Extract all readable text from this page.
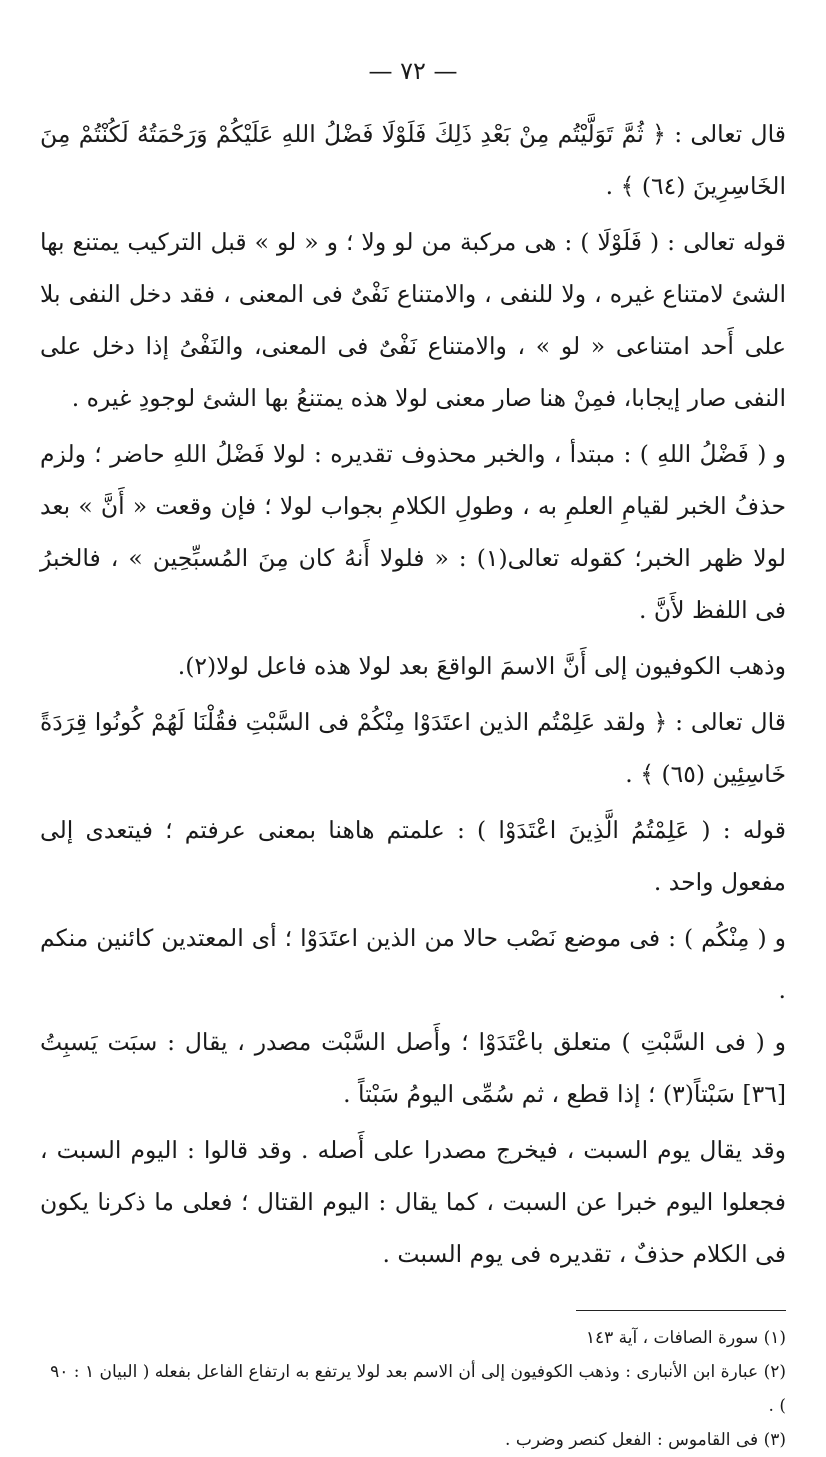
— ٧٢ —

قال تعالى : ﴿ ثُمَّ تَوَلَّيْتُم مِنْ بَعْدِ ذَلِكَ فَلَوْلَا فَضْلُ اللهِ عَلَيْكُمْ وَرَحْمَتُهُ لَكُنْتُمْ مِنَ الخَاسِرِينَ (٦٤) ﴾ .

قوله تعالى : ( فَلَوْلَا ) : هى مركبة من لو ولا ؛ و « لو » قبل التركيب يمتنع بها الشئ لامتناع غيره ، ولا للنفى ، والامتناع نَفْىٌ فى المعنى ، فقد دخل النفى بلا على أَحد امتناعى « لو » ، والامتناع نَفْىٌ فى المعنى، والنَفْىُ إذا دخل على النفى صار إيجابا، فمِنْ هنا صار معنى لولا هذه يمتنعُ بها الشئ لوجودِ غيره .

و ( فَضْلُ اللهِ ) : مبتدأ ، والخبر محذوف تقديره : لولا فَضْلُ اللهِ حاضر ؛ ولزم حذفُ الخبر لقيامِ العلمِ به ، وطولِ الكلامِ بجواب لولا ؛ فإن وقعت « أَنَّ » بعد لولا ظهر الخبر؛ كقوله تعالى(١) : « فلولا أَنهُ كان مِنَ المُسبِّحِين » ، فالخبرُ فى اللفظ لأَنَّ .

وذهب الكوفيون إلى أَنَّ الاسمَ الواقعَ بعد لولا هذه فاعل لولا(٢).

قال تعالى : ﴿ ولقد عَلِمْتُم الذين اعتَدَوْا مِنْكُمْ فى السَّبْتِ فقُلْنَا لَهُمْ كُونُوا قِرَدَةً خَاسِئِين (٦٥) ﴾ .

قوله : ( عَلِمْتُمُ الَّذِينَ اعْتَدَوْا ) : علمتم هاهنا بمعنى عرفتم ؛ فيتعدى إلى مفعول واحد .

و ( مِنْكُم ) : فى موضع نَصْب حالا من الذين اعتَدَوْا ؛ أى المعتدين كائنين منكم .

و ( فى السَّبْتِ ) متعلق باعْتَدَوْا ؛ وأَصل السَّبْت مصدر ، يقال : سبَت يَسبِتُ [٣٦] سَبْتاً(٣) ؛ إذا قطع ، ثم سُمِّى اليومُ سَبْتاً .

وقد يقال يوم السبت ، فيخرج مصدرا على أَصله . وقد قالوا : اليوم السبت ، فجعلوا اليوم خبرا عن السبت ، كما يقال : اليوم القتال ؛ فعلى ما ذكرنا يكون فى الكلام حذفٌ ، تقديره فى يوم السبت .

(١) سورة الصافات ، آية ١٤٣

(٢) عبارة ابن الأنبارى : وذهب الكوفيون إلى أن الاسم بعد لولا يرتفع به ارتفاع الفاعل بفعله ( البيان ١ : ٩٠ ) .

(٣) فى القاموس : الفعل كنصر وضرب .
